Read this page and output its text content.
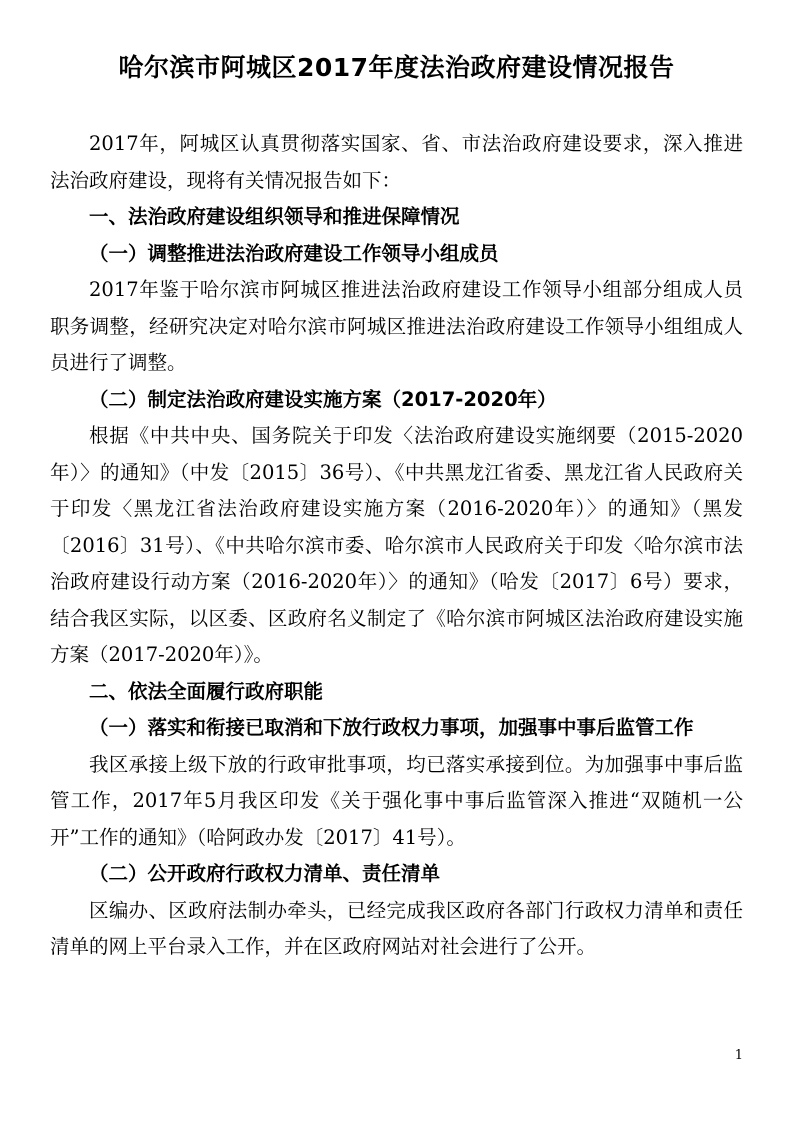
哈尔滨市阿城区2017年度法治政府建设情况报告

2017年，阿城区认真贯彻落实国家、省、市法治政府建设要求，深入推进法治政府建设，现将有关情况报告如下：

一、法治政府建设组织领导和推进保障情况

（一）调整推进法治政府建设工作领导小组成员

2017年鉴于哈尔滨市阿城区推进法治政府建设工作领导小组部分组成人员职务调整，经研究决定对哈尔滨市阿城区推进法治政府建设工作领导小组组成人员进行了调整。

（二）制定法治政府建设实施方案（2017-2020年）

根据《中共中央、国务院关于印发〈法治政府建设实施纲要（2015-2020年）〉的通知》（中发〔2015〕36号）、《中共黑龙江省委、黑龙江省人民政府关于印发〈黑龙江省法治政府建设实施方案（2016-2020年）〉的通知》（黑发〔2016〕31号）、《中共哈尔滨市委、哈尔滨市人民政府关于印发〈哈尔滨市法治政府建设行动方案（2016-2020年）〉的通知》（哈发〔2017〕6号）要求，结合我区实际，以区委、区政府名义制定了《哈尔滨市阿城区法治政府建设实施方案（2017-2020年）》。

二、依法全面履行政府职能

（一）落实和衔接已取消和下放行政权力事项，加强事中事后监管工作

我区承接上级下放的行政审批事项，均已落实承接到位。为加强事中事后监管工作，2017年5月我区印发《关于强化事中事后监管深入推进“双随机一公开”工作的通知》（哈阿政办发〔2017〕41号）。

（二）公开政府行政权力清单、责任清单

区编办、区政府法制办牵头，已经完成我区政府各部门行政权力清单和责任清单的网上平台录入工作，并在区政府网站对社会进行了公开。

1
